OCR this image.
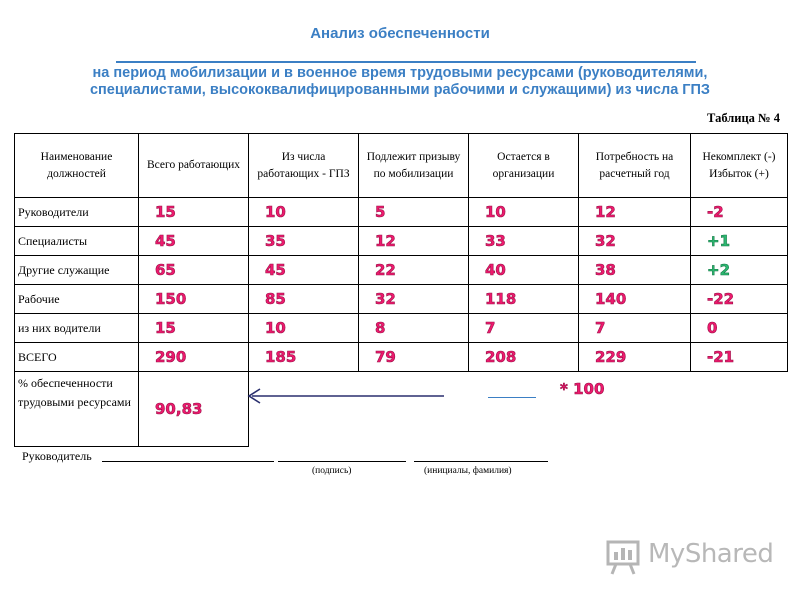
Анализ обеспеченности
на период мобилизации и в военное время трудовыми ресурсами (руководителями,
специалистами, высококвалифицированными рабочими и служащими) из числа ГПЗ
Таблица № 4
Наименование должностей	Всего работающих	Из числа работающих - ГПЗ	Подлежит призыву по мобилизации	Остается в организации	Потребность на расчетный год	Некомплект (-) Избыток (+)
Руководители	15	10	5	10	12	-2
Специалисты	45	35	12	33	32	+1
Другие служащие	65	45	22	40	38	+2
Рабочие	150	85	32	118	140	-22
из них водители	15	10	8	7	7	0
ВСЕГО	290	185	79	208	229	-21
% обеспеченности трудовыми ресурсами	90,83					
* 100
Руководитель
(подпись)	(инициалы, фамилия)
MyShared
